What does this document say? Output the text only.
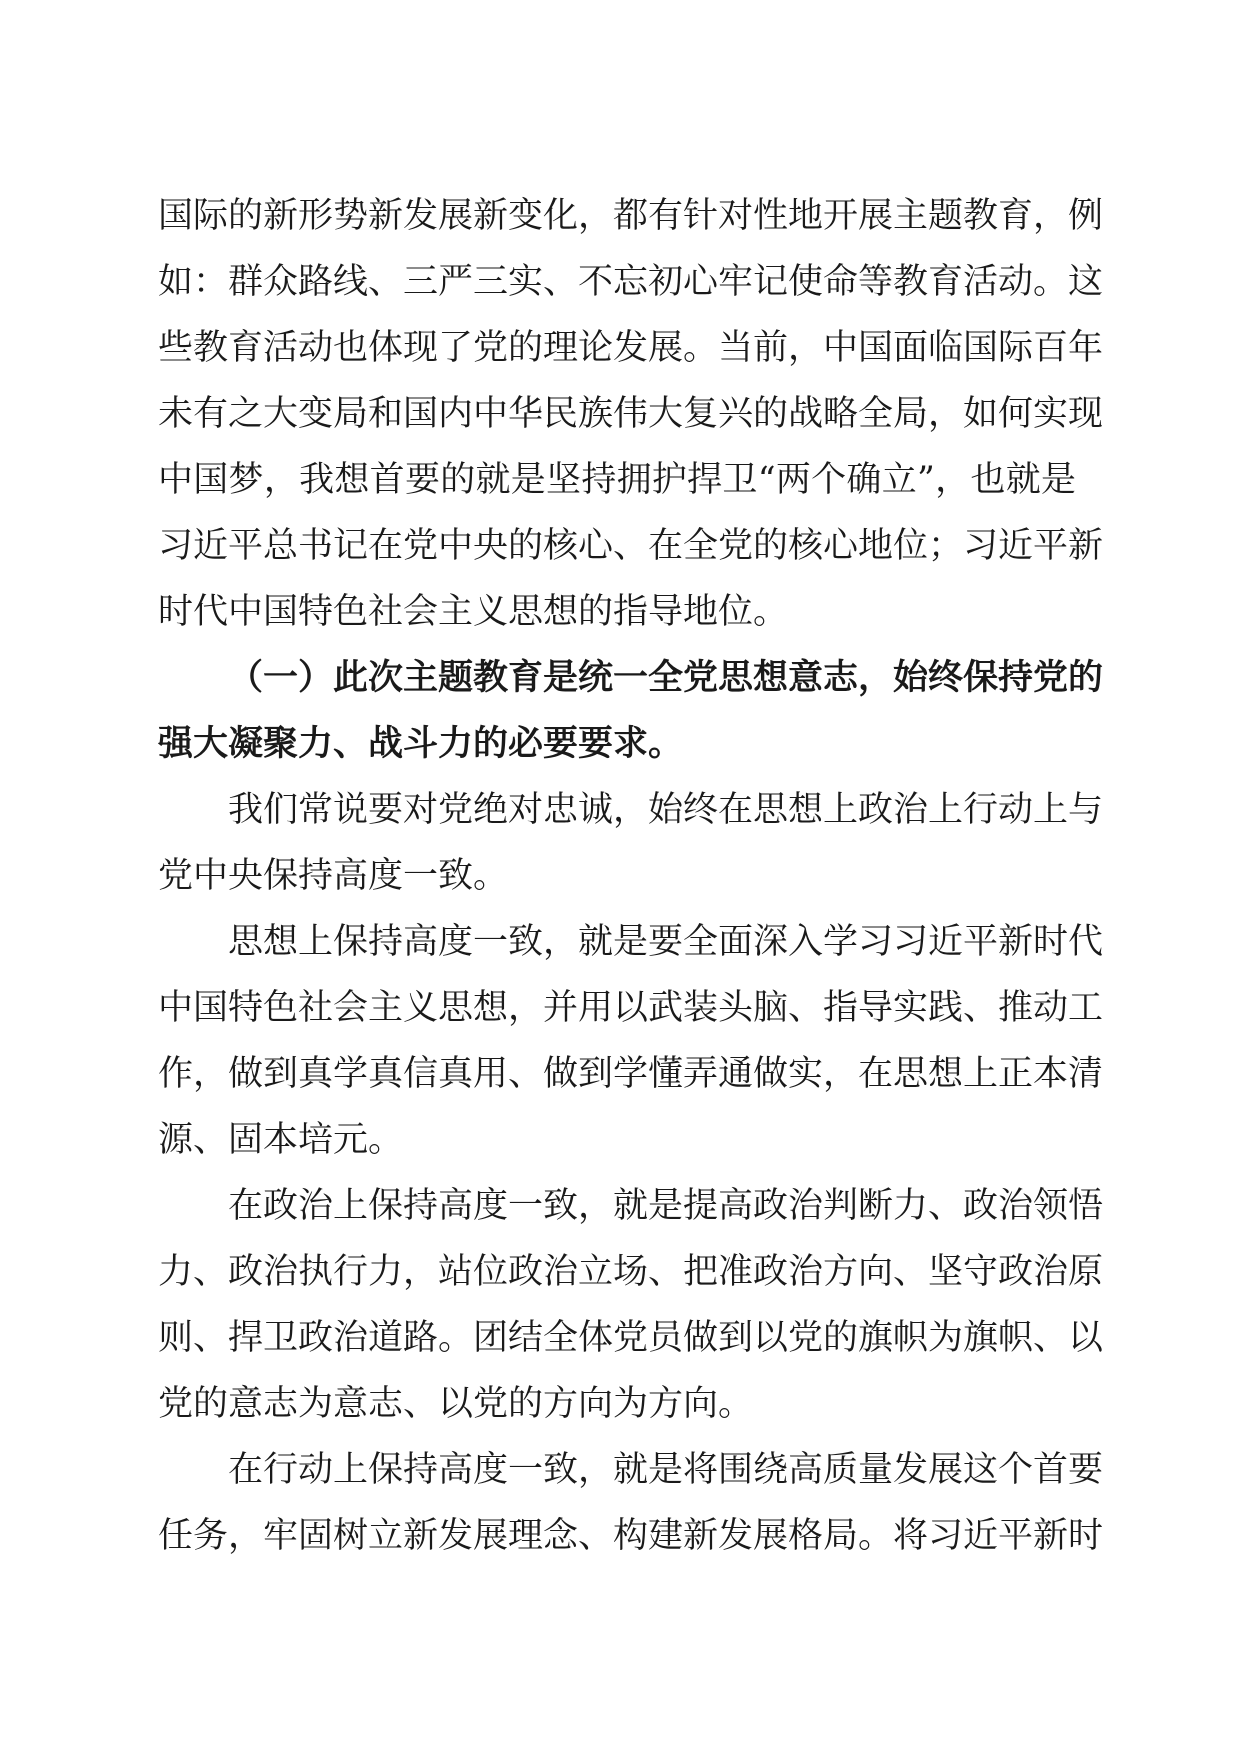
国际的新形势新发展新变化，都有针对性地开展主题教育，例
如：群众路线、三严三实、不忘初心牢记使命等教育活动。这
些教育活动也体现了党的理论发展。当前，中国面临国际百年
未有之大变局和国内中华民族伟大复兴的战略全局，如何实现
中国梦，我想首要的就是坚持拥护捍卫“两个确立”，也就是
习近平总书记在党中央的核心、在全党的核心地位；习近平新
时代中国特色社会主义思想的指导地位。
（一）此次主题教育是统一全党思想意志，始终保持党的
强大凝聚力、战斗力的必要要求。
我们常说要对党绝对忠诚，始终在思想上政治上行动上与
党中央保持高度一致。
思想上保持高度一致，就是要全面深入学习习近平新时代
中国特色社会主义思想，并用以武装头脑、指导实践、推动工
作，做到真学真信真用、做到学懂弄通做实，在思想上正本清
源、固本培元。
在政治上保持高度一致，就是提高政治判断力、政治领悟
力、政治执行力，站位政治立场、把准政治方向、坚守政治原
则、捍卫政治道路。团结全体党员做到以党的旗帜为旗帜、以
党的意志为意志、以党的方向为方向。
在行动上保持高度一致，就是将围绕高质量发展这个首要
任务，牢固树立新发展理念、构建新发展格局。将习近平新时
